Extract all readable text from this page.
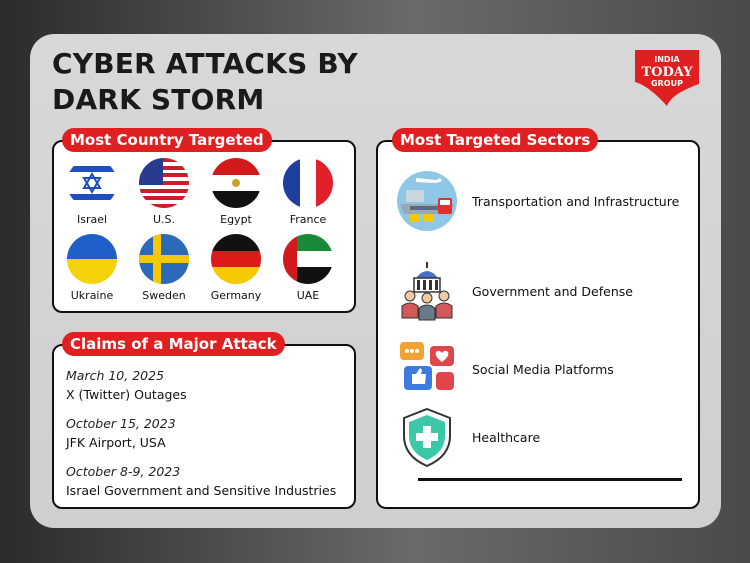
CYBER ATTACKS BY
DARK STORM
INDIA
TODAY
GROUP
Israel	U.S.	Egypt	France
Ukraine	Sweden	Germany	UAE
Most Country Targeted
March 10, 2025
X (Twitter) Outages
October 15, 2023
JFK Airport, USA
October 8-9, 2023
Israel Government and Sensitive Industries
Claims of a Major Attack
Transportation and Infrastructure
Government and Defense
Social Media Platforms
Healthcare
Most Targeted Sectors
